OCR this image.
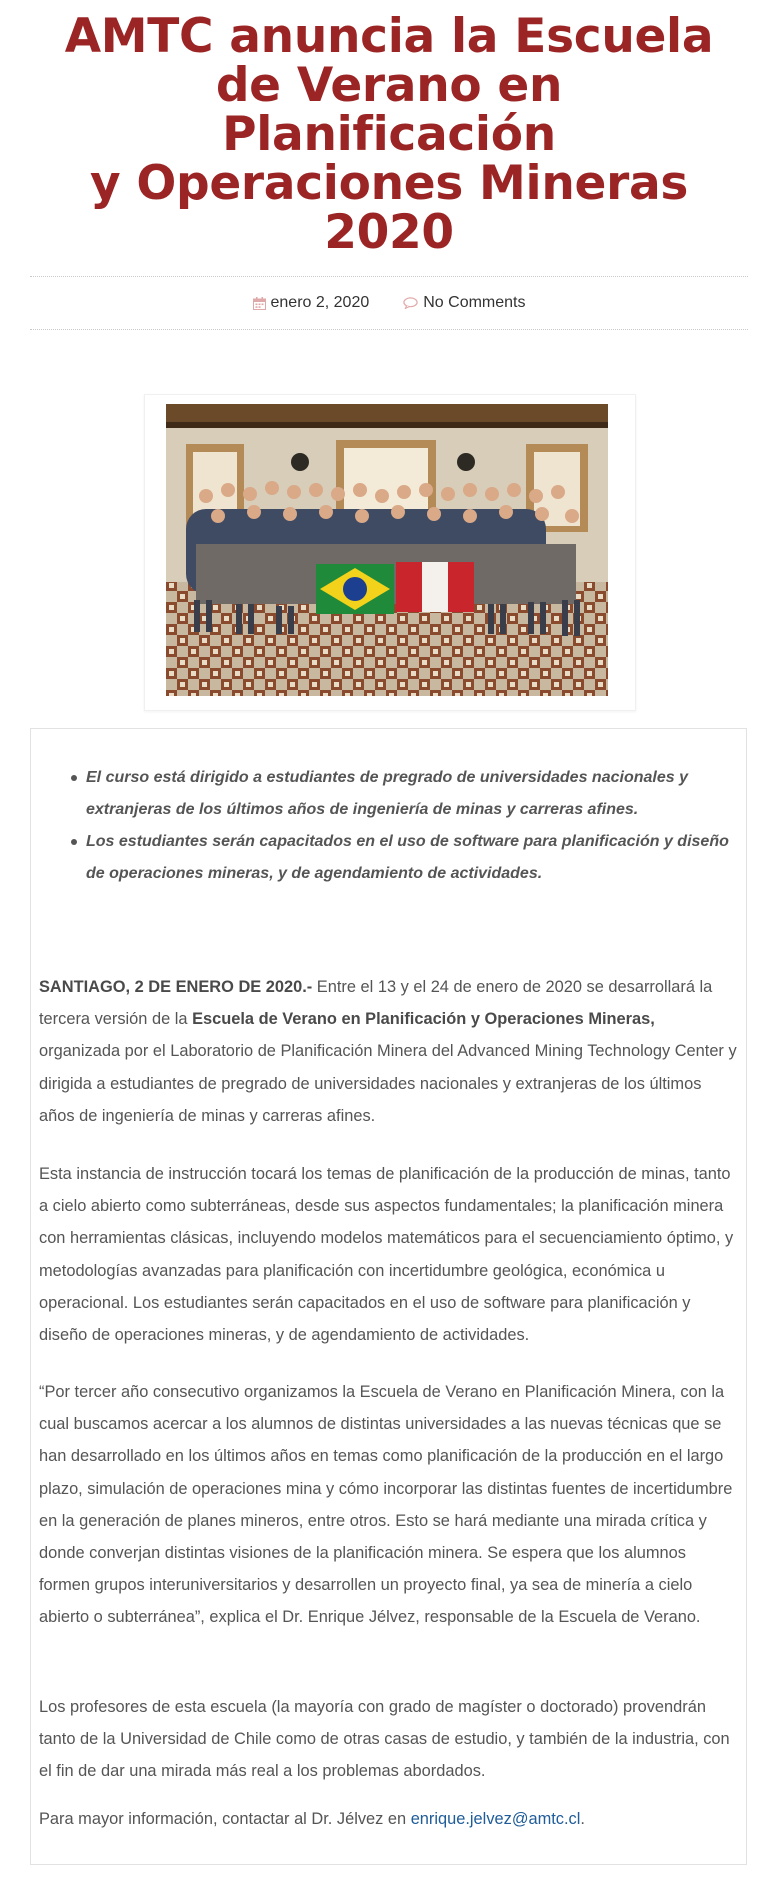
AMTC anuncia la Escuela
de Verano en Planificación
y Operaciones Mineras
2020
enero 2, 2020	No Comments
El curso está dirigido a estudiantes de pregrado de universidades nacionales y extranjeras de los últimos años de ingeniería de minas y carreras afines.
Los estudiantes serán capacitados en el uso de software para planificación y diseño de operaciones mineras, y de agendamiento de actividades.

SANTIAGO, 2 DE ENERO DE 2020.- Entre el 13 y el 24 de enero de 2020 se desarrollará la tercera versión de la Escuela de Verano en Planificación y Operaciones Mineras, organizada por el Laboratorio de Planificación Minera del Advanced Mining Technology Center y dirigida a estudiantes de pregrado de universidades nacionales y extranjeras de los últimos años de ingeniería de minas y carreras afines.

Esta instancia de instrucción tocará los temas de planificación de la producción de minas, tanto a cielo abierto como subterráneas, desde sus aspectos fundamentales; la planificación minera con herramientas clásicas, incluyendo modelos matemáticos para el secuenciamiento óptimo, y metodologías avanzadas para planificación con incertidumbre geológica, económica u operacional. Los estudiantes serán capacitados en el uso de software para planificación y diseño de operaciones mineras, y de agendamiento de actividades.

“Por tercer año consecutivo organizamos la Escuela de Verano en Planificación Minera, con la cual buscamos acercar a los alumnos de distintas universidades a las nuevas técnicas que se han desarrollado en los últimos años en temas como planificación de la producción en el largo plazo, simulación de operaciones mina y cómo incorporar las distintas fuentes de incertidumbre en la generación de planes mineros, entre otros. Esto se hará mediante una mirada crítica y donde converjan distintas visiones de la planificación minera. Se espera que los alumnos formen grupos interuniversitarios y desarrollen un proyecto final, ya sea de minería a cielo abierto o subterránea”, explica el Dr. Enrique Jélvez, responsable de la Escuela de Verano.

Los profesores de esta escuela (la mayoría con grado de magíster o doctorado) provendrán tanto de la Universidad de Chile como de otras casas de estudio, y también de la industria, con el fin de dar una mirada más real a los problemas abordados.

Para mayor información, contactar al Dr. Jélvez en enrique.jelvez@amtc.cl.
